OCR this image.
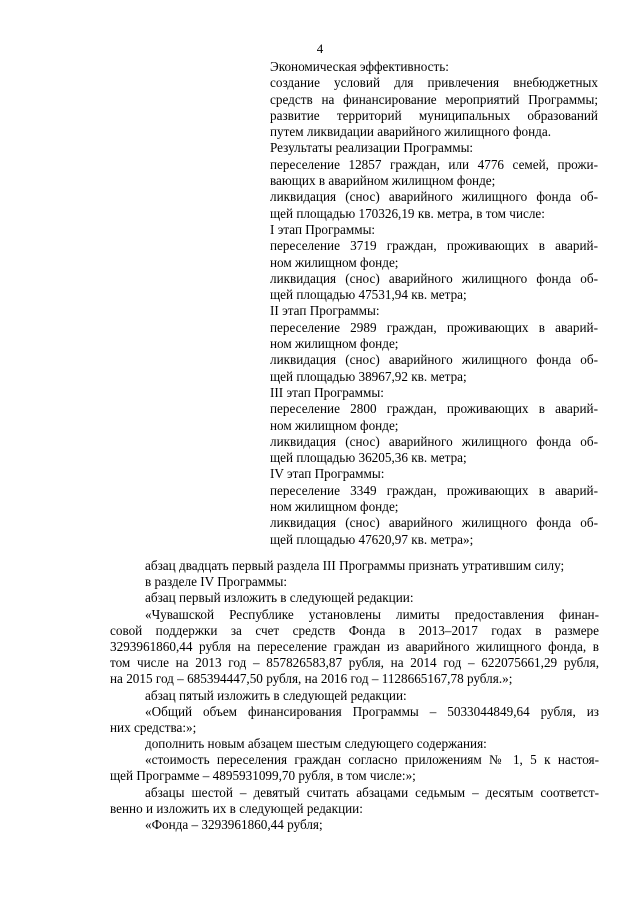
4
Экономическая эффективность:
создание условий для привлечения внебюджетных
средств на финансирование мероприятий Программы;
развитие территорий муниципальных образований
путем ликвидации аварийного жилищного фонда.
Результаты реализации Программы:
переселение 12857 граждан, или 4776 семей, прожи-
вающих в аварийном жилищном фонде;
ликвидация (снос) аварийного жилищного фонда об-
щей площадью 170326,19 кв. метра, в том числе:
I этап Программы:
переселение 3719 граждан, проживающих в аварий-
ном жилищном фонде;
ликвидация (снос) аварийного жилищного фонда об-
щей площадью 47531,94 кв. метра;
II этап Программы:
переселение 2989 граждан, проживающих в аварий-
ном жилищном фонде;
ликвидация (снос) аварийного жилищного фонда об-
щей площадью 38967,92 кв. метра;
III этап Программы:
переселение 2800 граждан, проживающих в аварий-
ном жилищном фонде;
ликвидация (снос) аварийного жилищного фонда об-
щей площадью 36205,36 кв. метра;
IV этап Программы:
переселение 3349 граждан, проживающих в аварий-
ном жилищном фонде;
ликвидация (снос) аварийного жилищного фонда об-
щей площадью 47620,97 кв. метра»;
абзац двадцать первый раздела III Программы признать утратившим силу;
в разделе IV Программы:
абзац первый изложить в следующей редакции:
«Чувашской Республике установлены лимиты предоставления финан-
совой поддержки за счет средств Фонда в 2013–2017 годах в размере
3293961860,44 рубля на переселение граждан из аварийного жилищного фонда, в
том числе на 2013 год – 857826583,87 рубля, на 2014 год – 622075661,29 рубля,
на 2015 год – 685394447,50 рубля, на 2016 год – 1128665167,78 рубля.»;
абзац пятый изложить в следующей редакции:
«Общий объем финансирования Программы – 5033044849,64 рубля, из
них средства:»;
дополнить новым абзацем шестым следующего содержания:
«стоимость переселения граждан согласно приложениям № 1, 5 к настоя-
щей Программе – 4895931099,70 рубля, в том числе:»;
абзацы шестой – девятый считать абзацами седьмым – десятым соответст-
венно и изложить их в следующей редакции:
«Фонда – 3293961860,44 рубля;
